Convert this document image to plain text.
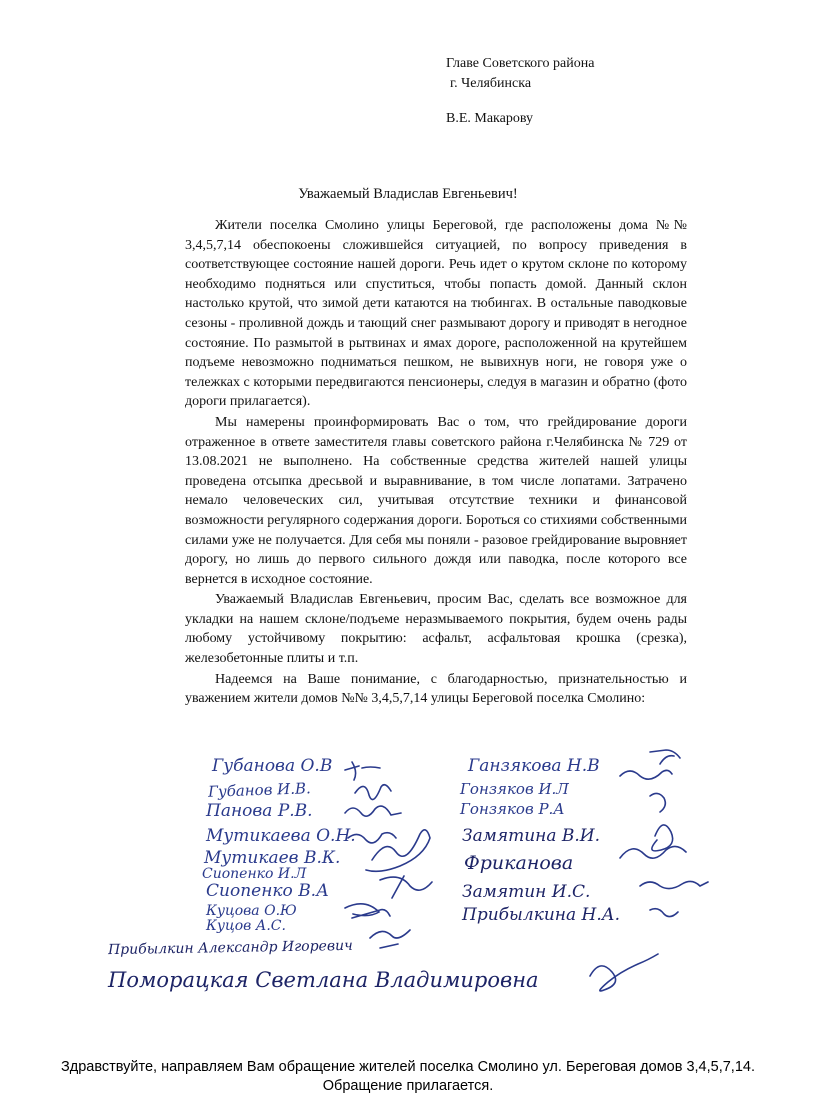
Главе Советского района
г. Челябинска
В.Е. Макарову
Уважаемый Владислав Евгеньевич!

Жители поселка Смолино улицы Береговой, где расположены дома №№ 3,4,5,7,14 обеспокоены сложившейся ситуацией, по вопросу приведения в соответствующее состояние нашей дороги. Речь идет о крутом склоне по которому необходимо подняться или спуститься, чтобы попасть домой. Данный склон настолько крутой, что зимой дети катаются на тюбингах. В остальные паводковые сезоны - проливной дождь и тающий снег размывают дорогу и приводят в негодное состояние. По размытой в рытвинах и ямах дороге, расположенной на крутейшем подъеме невозможно подниматься пешком, не вывихнув ноги, не говоря уже о тележках с которыми передвигаются пенсионеры, следуя в магазин и обратно (фото дороги прилагается).

Мы намерены проинформировать Вас о том, что грейдирование дороги отраженное в ответе заместителя главы советского района г.Челябинска № 729 от 13.08.2021 не выполнено. На собственные средства жителей нашей улицы проведена отсыпка дресьвой и выравнивание, в том числе лопатами. Затрачено немало человеческих сил, учитывая отсутствие техники и финансовой возможности регулярного содержания дороги. Бороться со стихиями собственными силами уже не получается. Для себя мы поняли - разовое грейдирование выровняет дорогу, но лишь до первого сильного дождя или паводка, после которого все вернется в исходное состояние.

Уважаемый Владислав Евгеньевич, просим Вас, сделать все возможное для укладки на нашем склоне/подъеме неразмываемого покрытия, будем очень рады любому устойчивому покрытию: асфальт, асфальтовая крошка (срезка), железобетонные плиты и т.п.

Надеемся на Ваше понимание, с благодарностью, признательностью и уважением жители домов №№ 3,4,5,7,14 улицы Береговой поселка Смолино:

Губанова О.В
Губанов И.В.
Панова Р.В.
Мутикаева О.Н.
Мутикаев В.К.
Сиопенко И.Л
Сиопенко В.А
Куцова О.Ю
Куцов А.С.
Ганзякова Н.В
Гонзяков И.Л
Гонзяков Р.А
Замятина В.И.
Фриканова
Замятин И.С.
Прибылкина Н.А.
Прибылкин Александр Игоревич
Поморацкая Светлана Владимировна
Здравствуйте, направляем Вам обращение жителей поселка Смолино ул. Береговая домов 3,4,5,7,14.
Обращение прилагается.
